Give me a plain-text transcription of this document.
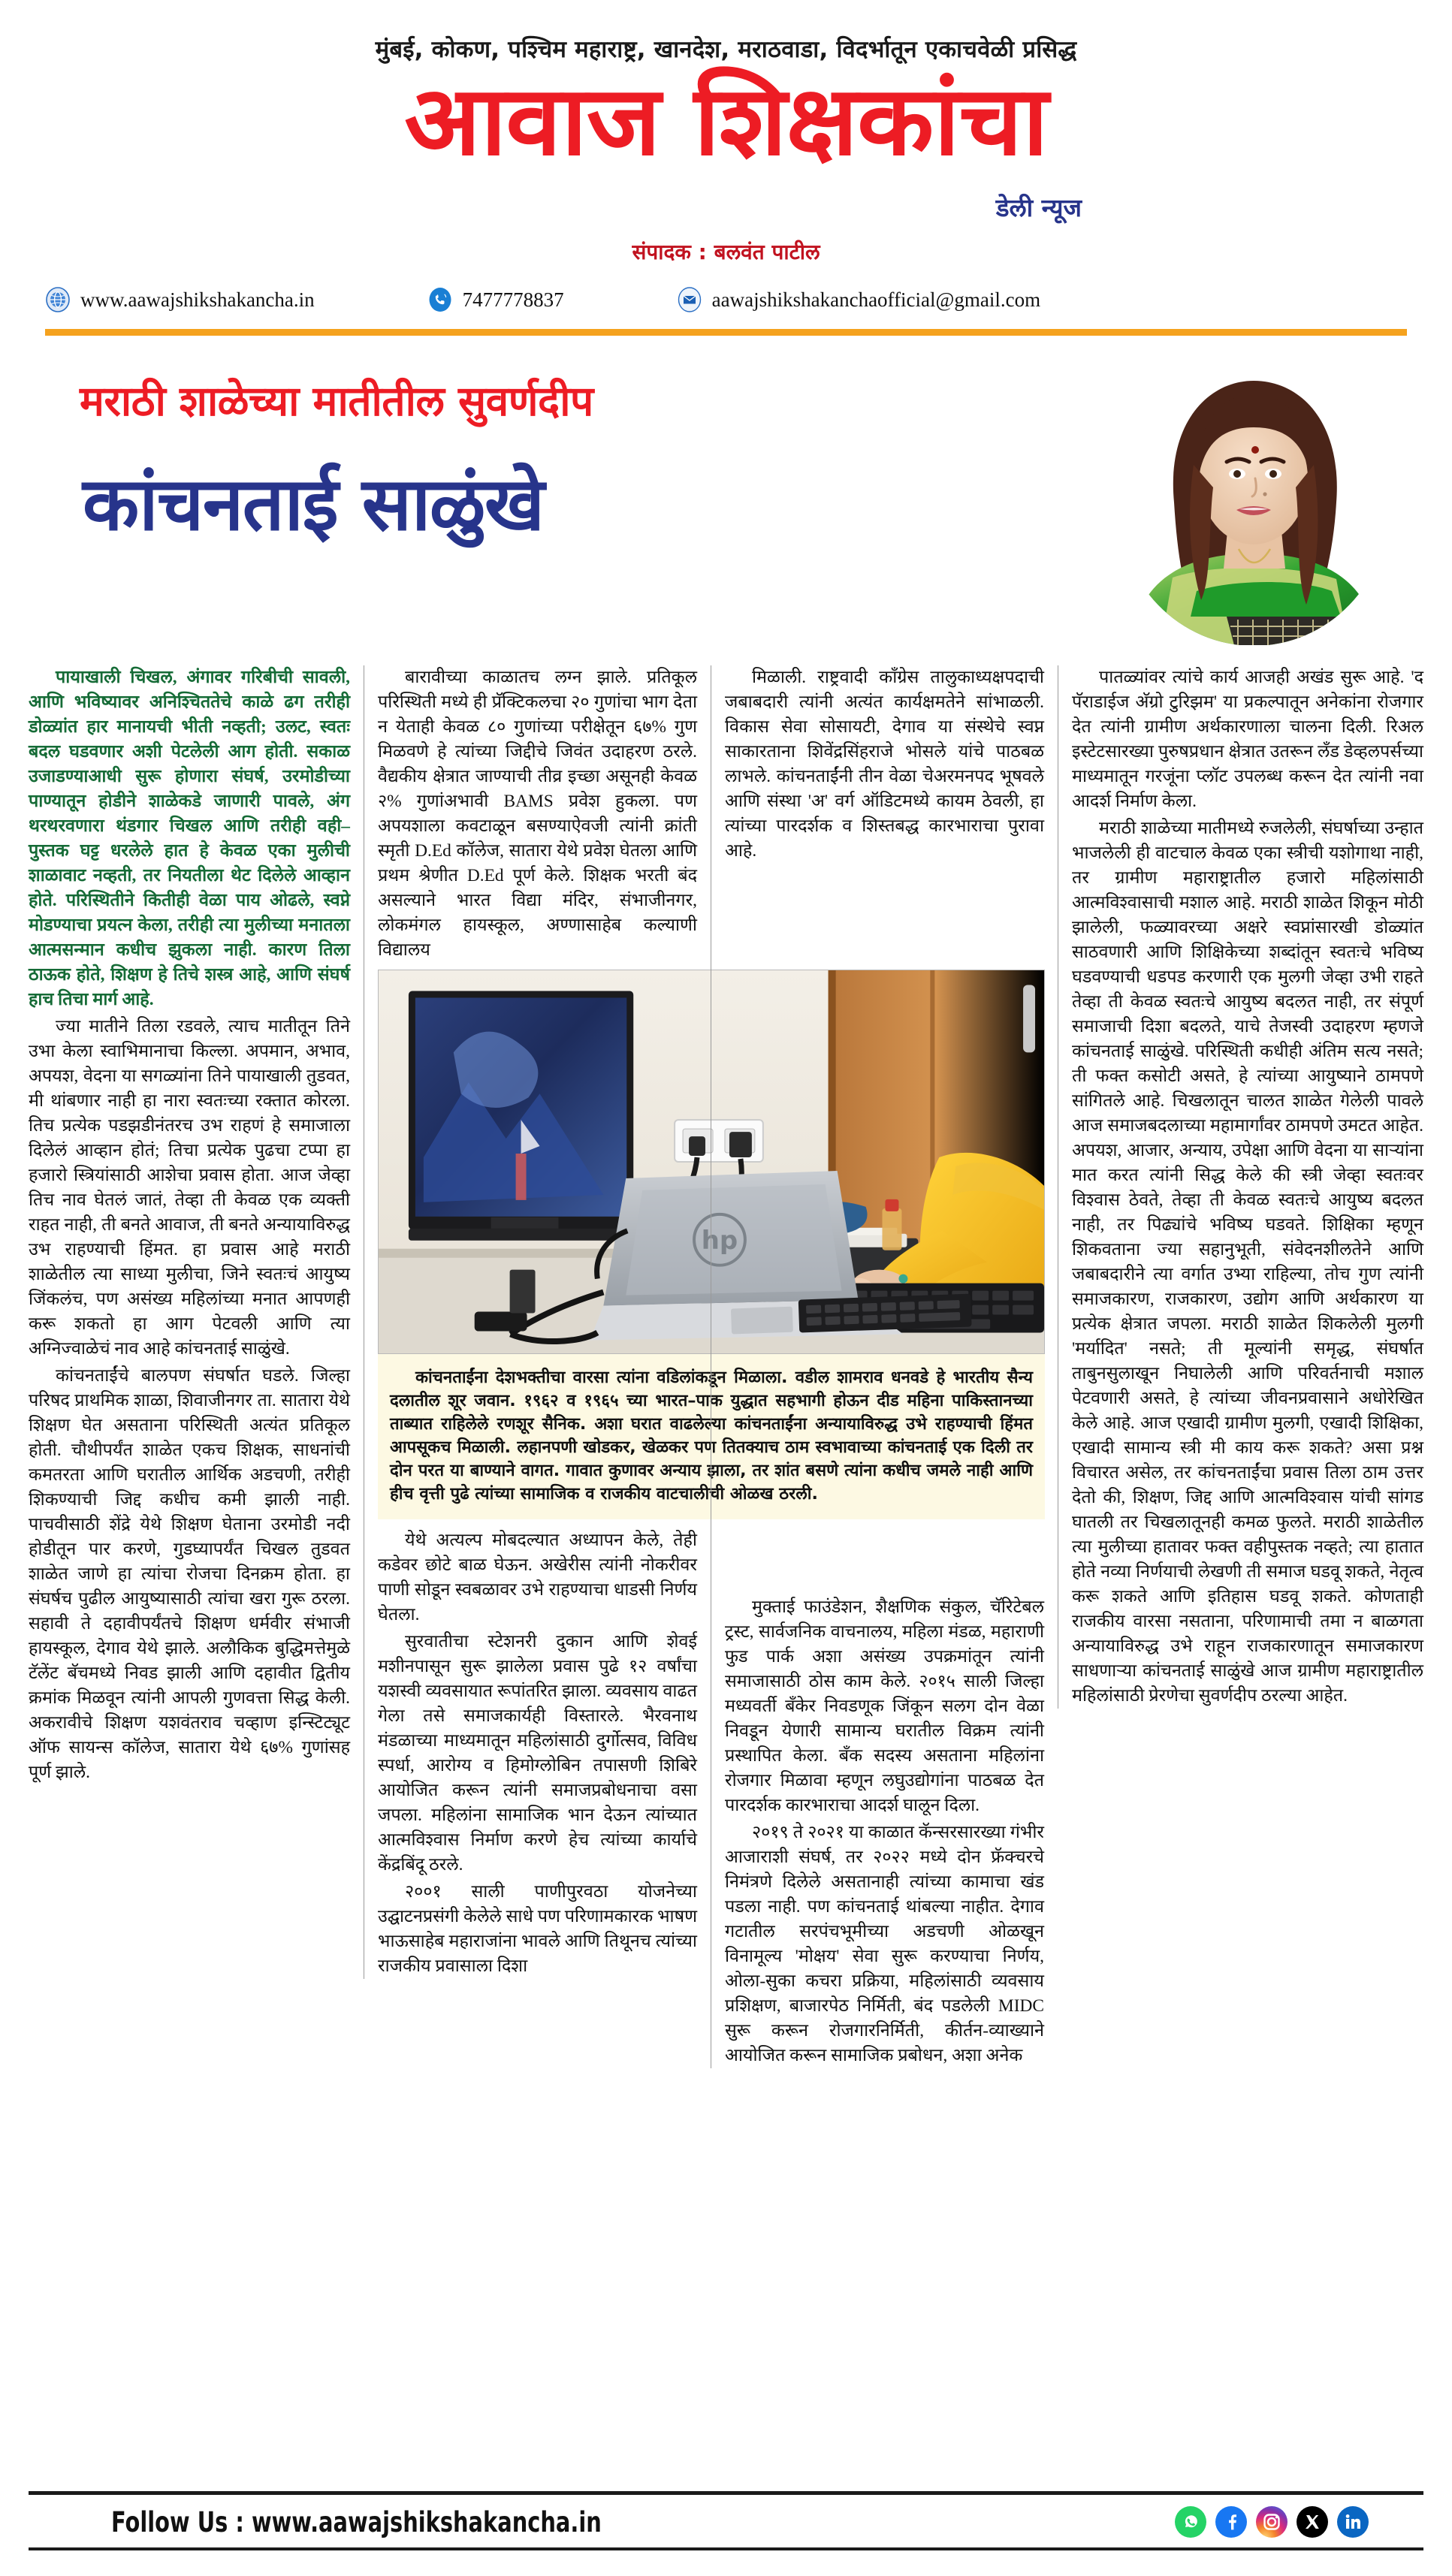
मुंबई, कोकण, पश्चिम महाराष्ट्र, खानदेश, मराठवाडा, विदर्भातून एकाचवेळी प्रसिद्ध
आवाज शिक्षकांचा
डेली न्यूज
संपादक : बलवंत पाटील
www.aawajshikshakancha.in	7477778837	aawajshikshakanchaofficial@gmail.com
मराठी शाळेच्या मातीतील सुवर्णदीप
कांचनताई साळुंखे

पायाखाली चिखल, अंगावर गरिबीची सावली, आणि भविष्यावर अनिश्चिततेचे काळे ढग तरीही डोळ्यांत हार मानायची भीती नव्हती; उलट, स्वतः बदल घडवणार अशी पेटलेली आग होती. सकाळ उजाडण्याआधी सुरू होणारा संघर्ष, उरमोडीच्या पाण्यातून होडीने शाळेकडे जाणारी पावले, अंग थरथरवणारा थंडगार चिखल आणि तरीही वही–पुस्तक घट्ट धरलेले हात हे केवळ एका मुलीची शाळावाट नव्हती, तर नियतीला थेट दिलेले आव्हान होते. परिस्थितीने कितीही वेळा पाय ओढले, स्वप्ने मोडण्याचा प्रयत्न केला, तरीही त्या मुलीच्या मनातला आत्मसन्मान कधीच झुकला नाही. कारण तिला ठाऊक होते, शिक्षण हे तिचे शस्त्र आहे, आणि संघर्ष हाच तिचा मार्ग आहे.

ज्या मातीने तिला रडवले, त्याच मातीतून तिने उभा केला स्वाभिमानाचा किल्ला. अपमान, अभाव, अपयश, वेदना या सगळ्यांना तिने पायाखाली तुडवत, मी थांबणार नाही हा नारा स्वतःच्या रक्तात कोरला. तिच प्रत्येक पडझडीनंतरच उभ राहणं हे समाजाला दिलेलं आव्हान होतं; तिचा प्रत्येक पुढचा टप्पा हा हजारो स्त्रियांसाठी आशेचा प्रवास होता. आज जेव्हा तिच नाव घेतलं जातं, तेव्हा ती केवळ एक व्यक्ती राहत नाही, ती बनते आवाज, ती बनते अन्यायाविरुद्ध उभ राहण्याची हिंमत. हा प्रवास आहे मराठी शाळेतील त्या साध्या मुलीचा, जिने स्वतःचं आयुष्य जिंकलंच, पण असंख्य महिलांच्या मनात आपणही करू शकतो हा आग पेटवली आणि त्या अग्निज्वाळेचं नाव आहे कांचनताई साळुंखे.

कांचनताईंचे बालपण संघर्षात घडले. जिल्हा परिषद प्राथमिक शाळा, शिवाजीनगर ता. सातारा येथे शिक्षण घेत असताना परिस्थिती अत्यंत प्रतिकूल होती. चौथीपर्यंत शाळेत एकच शिक्षक, साधनांची कमतरता आणि घरातील आर्थिक अडचणी, तरीही शिकण्याची जिद्द कधीच कमी झाली नाही. पाचवीसाठी शेंद्रे येथे शिक्षण घेताना उरमोडी नदी होडीतून पार करणे, गुडघ्यापर्यंत चिखल तुडवत शाळेत जाणे हा त्यांचा रोजचा दिनक्रम होता. हा संघर्षच पुढील आयुष्यासाठी त्यांचा खरा गुरू ठरला. सहावी ते दहावीपर्यंतचे शिक्षण धर्मवीर संभाजी हायस्कूल, देगाव येथे झाले. अलौकिक बुद्धिमत्तेमुळे टॅलेंट बॅचमध्ये निवड झाली आणि दहावीत द्वितीय क्रमांक मिळवून त्यांनी आपली गुणवत्ता सिद्ध केली. अकरावीचे शिक्षण यशवंतराव चव्हाण इन्स्टिट्यूट ऑफ सायन्स कॉलेज, सातारा येथे ६७% गुणांसह पूर्ण झाले.

बारावीच्या काळातच लग्न झाले. प्रतिकूल परिस्थिती मध्ये ही प्रॅक्टिकलचा २० गुणांचा भाग देता न येताही केवळ ८० गुणांच्या परीक्षेतून ६७% गुण मिळवणे हे त्यांच्या जिद्दीचे जिवंत उदाहरण ठरले. वैद्यकीय क्षेत्रात जाण्याची तीव्र इच्छा असूनही केवळ २% गुणांअभावी BAMS प्रवेश हुकला. पण अपयशाला कवटाळून बसण्याऐवजी त्यांनी क्रांती स्मृती D.Ed कॉलेज, सातारा येथे प्रवेश घेतला आणि प्रथम श्रेणीत D.Ed पूर्ण केले. शिक्षक भरती बंद असल्याने भारत विद्या मंदिर, संभाजीनगर, लोकमंगल हायस्कूल, अण्णासाहेब कल्याणी विद्यालय

hp

कांचनताईंना देशभक्तीचा वारसा त्यांना वडिलांकडून मिळाला. वडील शामराव धनवडे हे भारतीय सैन्य दलातील शूर जवान. १९६२ व १९६५ च्या भारत–पाक युद्धात सहभागी होऊन दीड महिना पाकिस्तानच्या ताब्यात राहिलेले रणशूर सैनिक. अशा घरात वाढलेल्या कांचनताईंना अन्यायाविरुद्ध उभे राहण्याची हिंमत आपसूकच मिळाली. लहानपणी खोडकर, खेळकर पण तितक्याच ठाम स्वभावाच्या कांचनताई एक दिली तर दोन परत या बाण्याने वागत. गावात कुणावर अन्याय झाला, तर शांत बसणे त्यांना कधीच जमले नाही आणि हीच वृत्ती पुढे त्यांच्या सामाजिक व राजकीय वाटचालीची ओळख ठरली.

येथे अत्यल्प मोबदल्यात अध्यापन केले, तेही कडेवर छोटे बाळ घेऊन. अखेरीस त्यांनी नोकरीवर पाणी सोडून स्वबळावर उभे राहण्याचा धाडसी निर्णय घेतला.

सुरवातीचा स्टेशनरी दुकान आणि शेवई मशीनपासून सुरू झालेला प्रवास पुढे १२ वर्षांचा यशस्वी व्यवसायात रूपांतरित झाला. व्यवसाय वाढत गेला तसे समाजकार्यही विस्तारले. भैरवनाथ मंडळाच्या माध्यमातून महिलांसाठी दुर्गोत्सव, विविध स्पर्धा, आरोग्य व हिमोग्लोबिन तपासणी शिबिरे आयोजित करून त्यांनी समाजप्रबोधनाचा वसा जपला. महिलांना सामाजिक भान देऊन त्यांच्यात आत्मविश्वास निर्माण करणे हेच त्यांच्या कार्याचे केंद्रबिंदू ठरले.

२००१ साली पाणीपुरवठा योजनेच्या उद्घाटनप्रसंगी केलेले साधे पण परिणामकारक भाषण भाऊसाहेब महाराजांना भावले आणि तिथूनच त्यांच्या राजकीय प्रवासाला दिशा

मिळाली. राष्ट्रवादी काँग्रेस तालुकाध्यक्षपदाची जबाबदारी त्यांनी अत्यंत कार्यक्षमतेने सांभाळली. विकास सेवा सोसायटी, देगाव या संस्थेचे स्वप्न साकारताना शिवेंद्रसिंहराजे भोसले यांचे पाठबळ लाभले. कांचनताईंनी तीन वेळा चेअरमनपद भूषवले आणि संस्था 'अ' वर्ग ऑडिटमध्ये कायम ठेवली, हा त्यांच्या पारदर्शक व शिस्तबद्ध कारभाराचा पुरावा आहे.

मुक्ताई फाउंडेशन, शैक्षणिक संकुल, चॅरिटेबल ट्रस्ट, सार्वजनिक वाचनालय, महिला मंडळ, महाराणी फुड पार्क अशा असंख्य उपक्रमांतून त्यांनी समाजासाठी ठोस काम केले. २०१५ साली जिल्हा मध्यवर्ती बँकेर निवडणूक जिंकून सलग दोन वेळा निवडून येणारी सामान्य घरातील विक्रम त्यांनी प्रस्थापित केला. बँक सदस्य असताना महिलांना रोजगार मिळावा म्हणून लघुउद्योगांना पाठबळ देत पारदर्शक कारभाराचा आदर्श घालून दिला.

२०१९ ते २०२१ या काळात कॅन्सरसारख्या गंभीर आजाराशी संघर्ष, तर २०२२ मध्ये दोन फ्रॅक्चरचे निमंत्रणे दिलेले असतानाही त्यांच्या कामाचा खंड पडला नाही. पण कांचनताई थांबल्या नाहीत. देगाव गटातील सरपंचभूमीच्या अडचणी ओळखून विनामूल्य 'मोक्षय' सेवा सुरू करण्याचा निर्णय, ओला-सुका कचरा प्रक्रिया, महिलांसाठी व्यवसाय प्रशिक्षण, बाजारपेठ निर्मिती, बंद पडलेली MIDC सुरू करून रोजगारनिर्मिती, कीर्तन-व्याख्याने आयोजित करून सामाजिक प्रबोधन, अशा अनेक

पातळ्यांवर त्यांचे कार्य आजही अखंड सुरू आहे. 'द पॅराडाईज अ‍ॅग्रो टुरिझम' या प्रकल्पातून अनेकांना रोजगार देत त्यांनी ग्रामीण अर्थकारणाला चालना दिली. रिअल इस्टेटसारख्या पुरुषप्रधान क्षेत्रात उतरून लँड डेव्हलपर्सच्या माध्यमातून गरजूंना प्लॉट उपलब्ध करून देत त्यांनी नवा आदर्श निर्माण केला.

मराठी शाळेच्या मातीमध्ये रुजलेली, संघर्षाच्या उन्हात भाजलेली ही वाटचाल केवळ एका स्त्रीची यशोगाथा नाही, तर ग्रामीण महाराष्ट्रातील हजारो महिलांसाठी आत्मविश्वासाची मशाल आहे. मराठी शाळेत शिकून मोठी झालेली, फळ्यावरच्या अक्षरे स्वप्नांसारखी डोळ्यांत साठवणारी आणि शिक्षिकेच्या शब्दांतून स्वतःचे भविष्य घडवण्याची धडपड करणारी एक मुलगी जेव्हा उभी राहते तेव्हा ती केवळ स्वतःचे आयुष्य बदलत नाही, तर संपूर्ण समाजाची दिशा बदलते, याचे तेजस्वी उदाहरण म्हणजे कांचनताई साळुंखे. परिस्थिती कधीही अंतिम सत्य नसते; ती फक्त कसोटी असते, हे त्यांच्या आयुष्याने ठामपणे सांगितले आहे. चिखलातून चालत शाळेत गेलेली पावले आज समाजबदलाच्या महामार्गांवर ठामपणे उमटत आहेत. अपयश, आजार, अन्याय, उपेक्षा आणि वेदना या साऱ्यांना मात करत त्यांनी सिद्ध केले की स्त्री जेव्हा स्वतःवर विश्वास ठेवते, तेव्हा ती केवळ स्वतःचे आयुष्य बदलत नाही, तर पिढ्यांचे भविष्य घडवते. शिक्षिका म्हणून शिकवताना ज्या सहानुभूती, संवेदनशीलतेने आणि जबाबदारीने त्या वर्गात उभ्या राहिल्या, तोच गुण त्यांनी समाजकारण, राजकारण, उद्योग आणि अर्थकारण या प्रत्येक क्षेत्रात जपला. मराठी शाळेत शिकलेली मुलगी 'मर्यादित' नसते; ती मूल्यांनी समृद्ध, संघर्षात ताबुनसुलाखून निघालेली आणि परिवर्तनाची मशाल पेटवणारी असते, हे त्यांच्या जीवनप्रवासाने अधोरेखित केले आहे. आज एखादी ग्रामीण मुलगी, एखादी शिक्षिका, एखादी सामान्य स्त्री मी काय करू शकते? असा प्रश्न विचारत असेल, तर कांचनताईंचा प्रवास तिला ठाम उत्तर देतो की, शिक्षण, जिद्द आणि आत्मविश्वास यांची सांगड घातली तर चिखलातूनही कमळ फुलते. मराठी शाळेतील त्या मुलीच्या हातावर फक्त वहीपुस्तक नव्हते; त्या हातात होते नव्या निर्णयाची लेखणी ती समाज घडवू शकते, नेतृत्व करू शकते आणि इतिहास घडवू शकते. कोणताही राजकीय वारसा नसताना, परिणामाची तमा न बाळगता अन्यायाविरुद्ध उभे राहून राजकारणातून समाजकारण साधणाऱ्या कांचनताई साळुंखे आज ग्रामीण महाराष्ट्रातील महिलांसाठी प्रेरणेचा सुवर्णदीप ठरल्या आहेत.

Follow Us : www.aawajshikshakancha.in
